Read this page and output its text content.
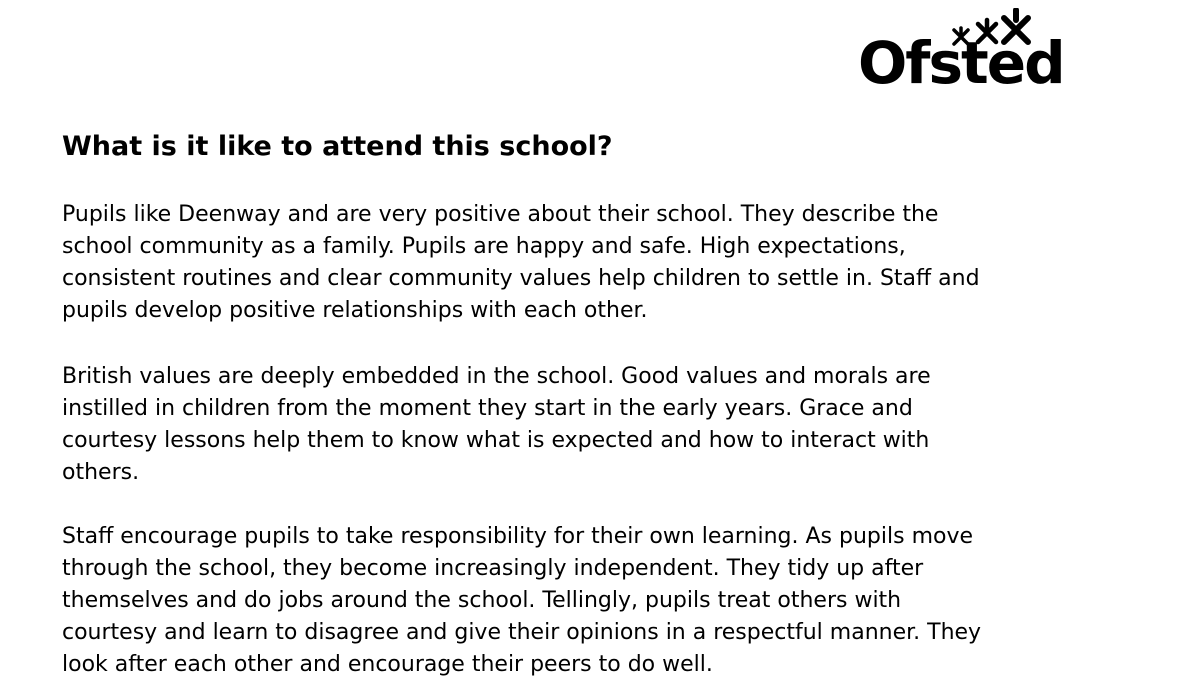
Ofsted
What is it like to attend this school?

Pupils like Deenway and are very positive about their school. They describe the
school community as a family. Pupils are happy and safe. High expectations,
consistent routines and clear community values help children to settle in. Staff and
pupils develop positive relationships with each other.

British values are deeply embedded in the school. Good values and morals are
instilled in children from the moment they start in the early years. Grace and
courtesy lessons help them to know what is expected and how to interact with
others.

Staff encourage pupils to take responsibility for their own learning. As pupils move
through the school, they become increasingly independent. They tidy up after
themselves and do jobs around the school. Tellingly, pupils treat others with
courtesy and learn to disagree and give their opinions in a respectful manner. They
look after each other and encourage their peers to do well.
